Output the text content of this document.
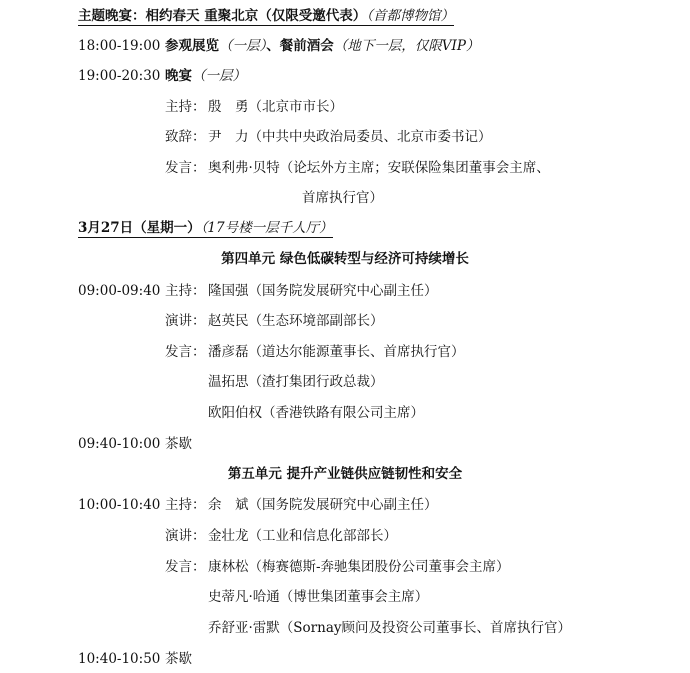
主题晚宴：相约春天 重聚北京（仅限受邀代表）（首都博物馆）
18:00-19:00 参观展览（一层）、餐前酒会（地下一层，仅限VIP）
19:00-20:30 晚宴（一层）
主持： 殷　勇（北京市市长）
致辞： 尹　力（中共中央政治局委员、北京市委书记）
发言： 奥利弗·贝特（论坛外方主席；安联保险集团董事会主席、
首席执行官）
3月27日（星期一）（17号楼一层千人厅）
第四单元 绿色低碳转型与经济可持续增长
09:00-09:40 主持： 隆国强（国务院发展研究中心副主任）
演讲： 赵英民（生态环境部副部长）
发言： 潘彦磊（道达尔能源董事长、首席执行官）
温拓思（渣打集团行政总裁）
欧阳伯权（香港铁路有限公司主席）
09:40-10:00 茶歇
第五单元 提升产业链供应链韧性和安全
10:00-10:40 主持： 余　斌（国务院发展研究中心副主任）
演讲： 金壮龙（工业和信息化部部长）
发言： 康林松（梅赛德斯-奔驰集团股份公司董事会主席）
史蒂凡·哈通（博世集团董事会主席）
乔舒亚·雷默（Sornay顾问及投资公司董事长、首席执行官）
10:40-10:50 茶歇
